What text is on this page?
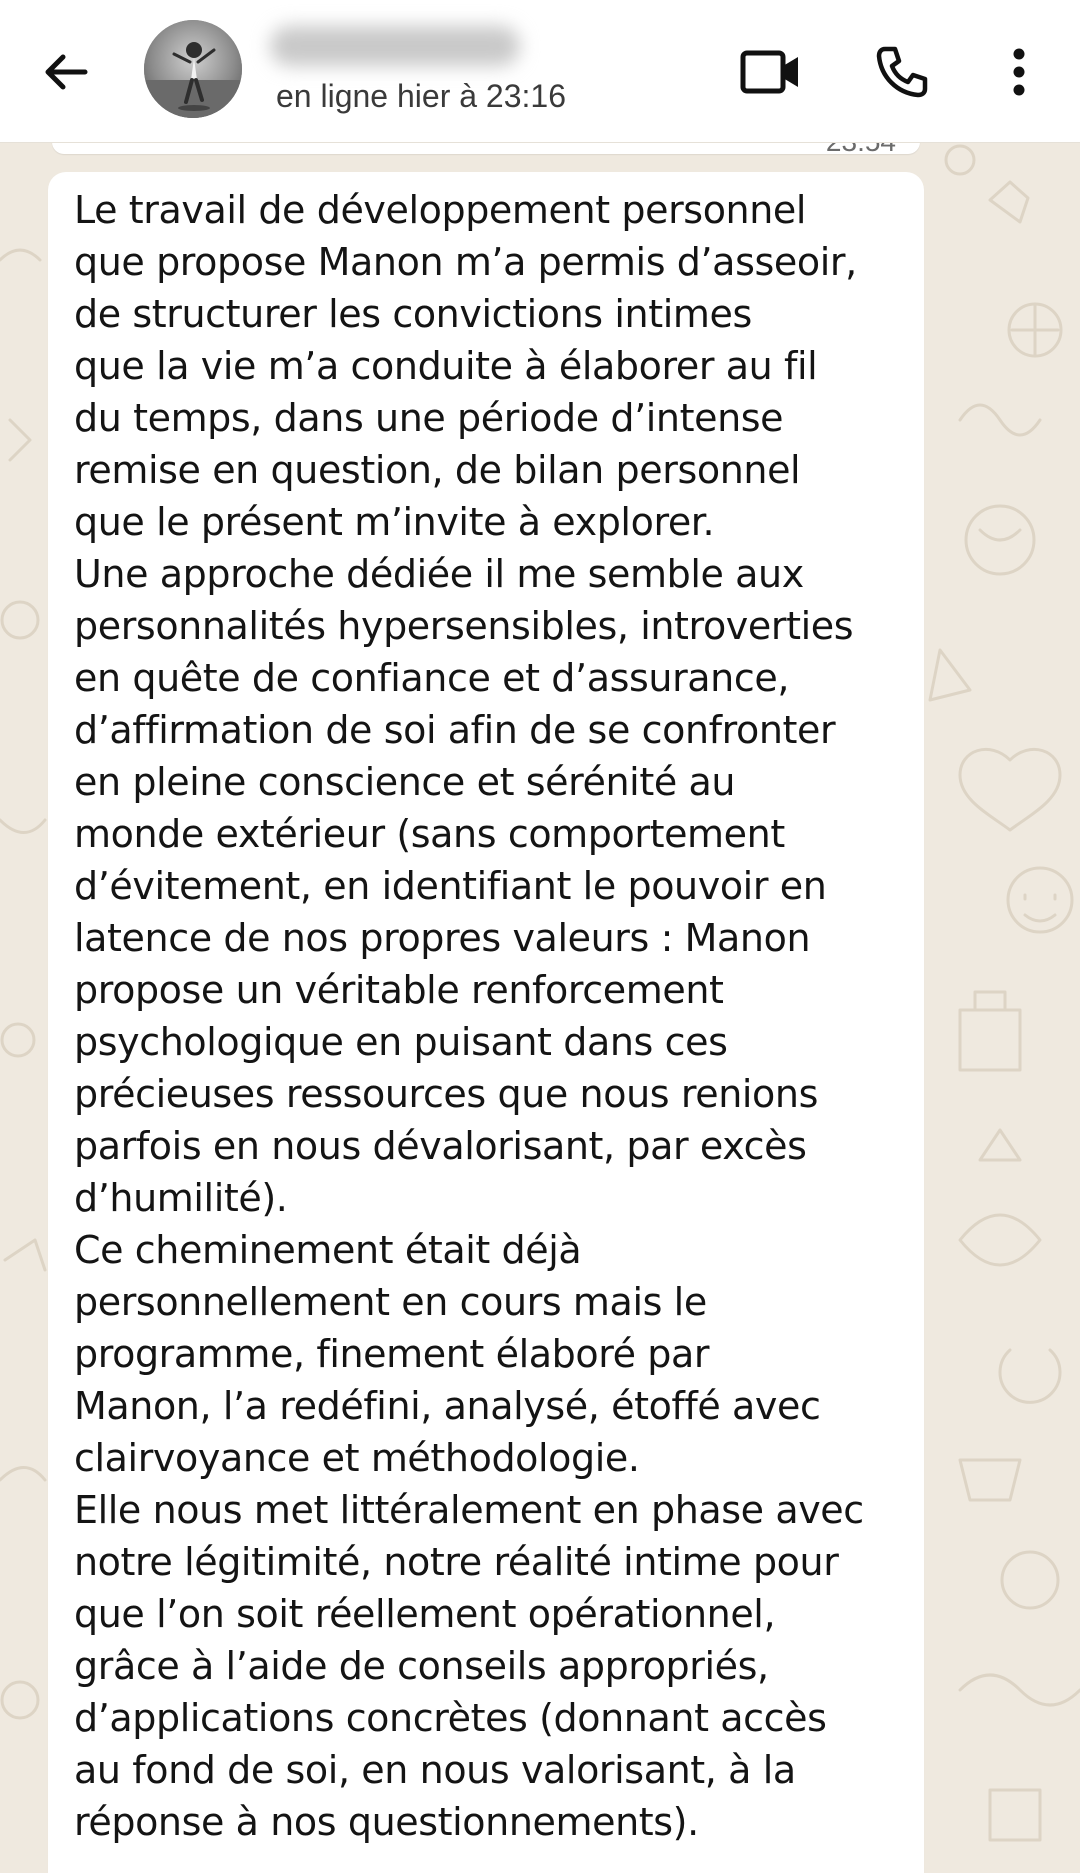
en ligne hier à 23:16
Le travail de développement personnel
que propose Manon m’a permis d’asseoir,
de structurer les convictions intimes
que la vie m’a conduite à élaborer au fil
du temps, dans une période d’intense
remise en question, de bilan personnel
que le présent m’invite à explorer.
Une approche dédiée il me semble aux
personnalités hypersensibles, introverties
en quête de confiance et d’assurance,
d’affirmation de soi afin de se confronter
en pleine conscience et sérénité au
monde extérieur (sans comportement
d’évitement, en identifiant le pouvoir en
latence de nos propres valeurs : Manon
propose un véritable renforcement
psychologique en puisant dans ces
précieuses ressources que nous renions
parfois en nous dévalorisant, par excès
d’humilité).
Ce cheminement était déjà
personnellement en cours mais le
programme, finement élaboré par
Manon, l’a redéfini, analysé, étoffé avec
clairvoyance et méthodologie.
Elle nous met littéralement en phase avec
notre légitimité, notre réalité intime pour
que l’on soit réellement opérationnel,
grâce à l’aide de conseils appropriés,
d’applications concrètes (donnant accès
au fond de soi, en nous valorisant, à la
réponse à nos questionnements).
